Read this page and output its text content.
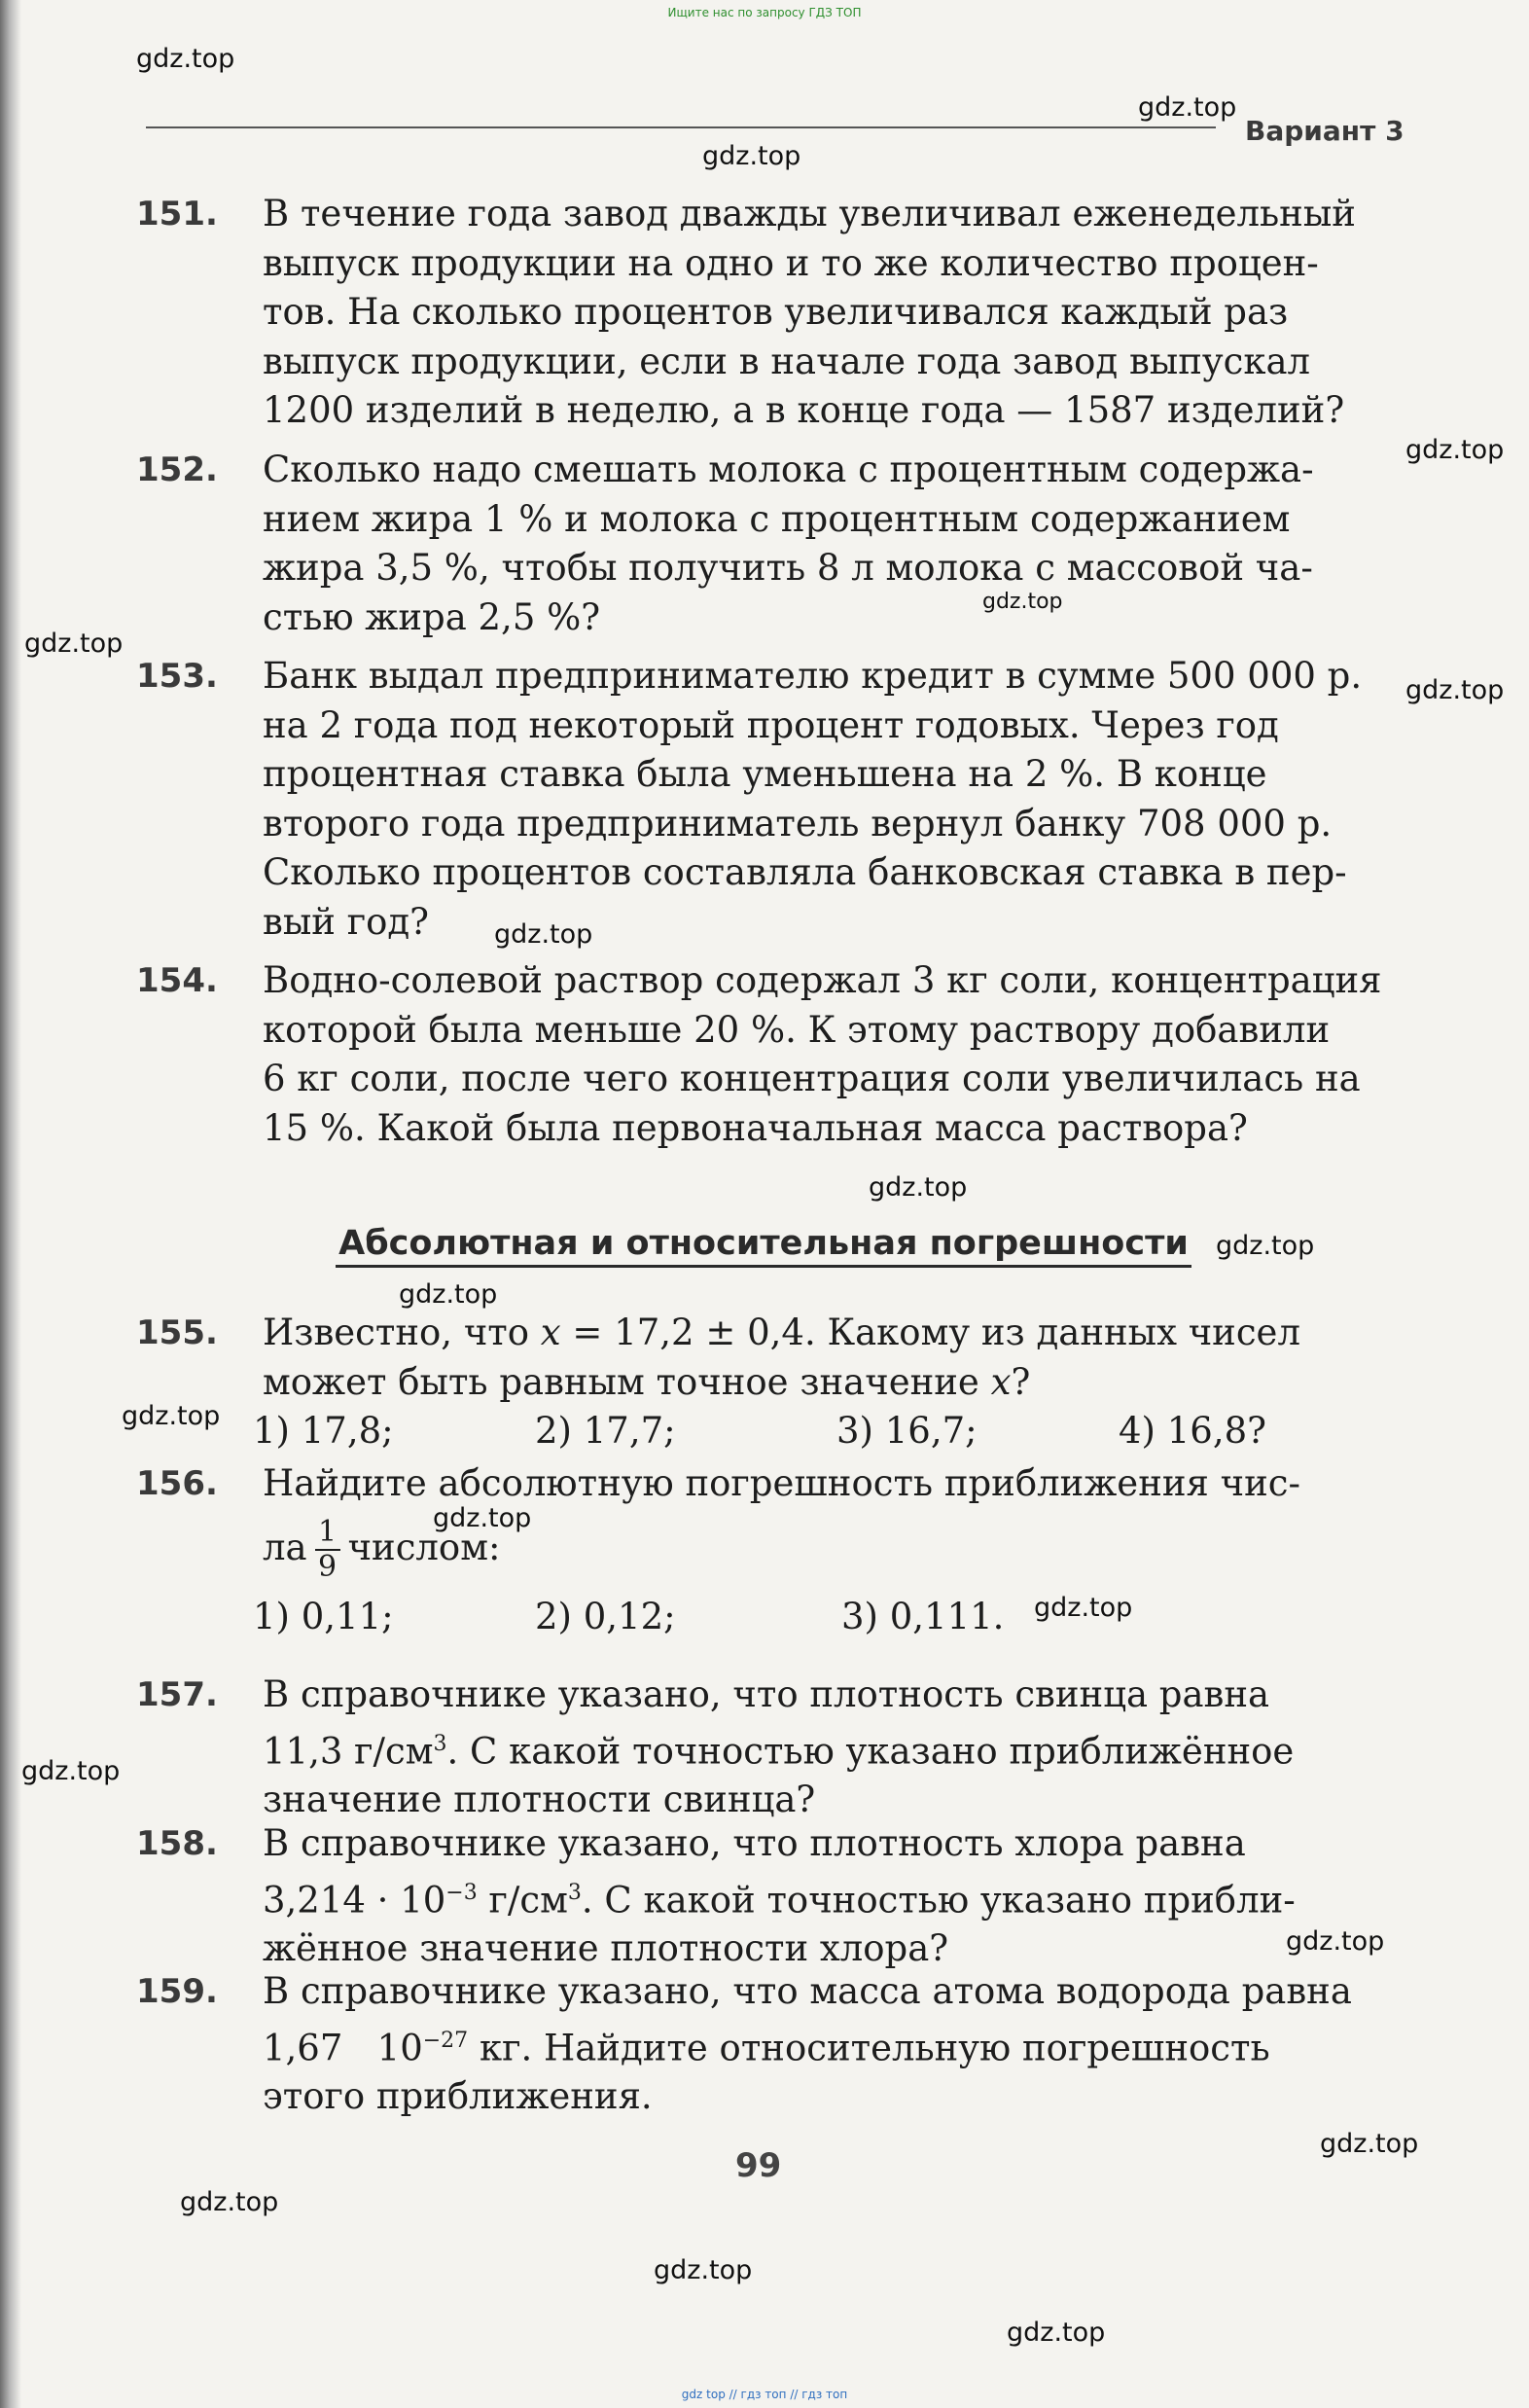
Ищите нас по запросу ГДЗ ТОП
gdz.top
gdz.top
gdz.top
Вариант 3
151.	В течение года завод дважды увеличивал еженедельный

выпуск продукции на одно и то же количество процен-

тов. На сколько процентов увеличивался каждый раз

выпуск продукции, если в начале года завод выпускал

1200 изделий в неделю, а в конце года — 1587 изделий?

gdz.top
152.	Сколько надо смешать молока с процентным содержа-

нием жира 1 % и молока с процентным содержанием

жира 3,5 %, чтобы получить 8 л молока с массовой ча-

стью жира 2,5 %?	gdz.top
gdz.top
gdz.top
153.	Банк выдал предпринимателю кредит в сумме 500 000 р.

на 2 года под некоторый процент годовых. Через год

процентная ставка была уменьшена на 2 %. В конце

второго года предприниматель вернул банку 708 000 р.

Сколько процентов составляла банковская ставка в пер-

вый год?	gdz.top
154.	Водно-солевой раствор содержал 3 кг соли, концентрация

которой была меньше 20 %. К этому раствору добавили

6 кг соли, после чего концентрация соли увеличилась на

15 %. Какой была первоначальная масса раствора?

gdz.top
Абсолютная и относительная погрешности gdz.top
gdz.top
155.	Известно, что x = 17,2 ± 0,4. Какому из данных чисел

может быть равным точное значение x?

1) 17,8;	2) 17,7;	3) 16,7;	4) 16,8?
gdz.top
156.	Найдите абсолютную погрешность приближения чис-

ла $\frac{1}{9}$ числом:

1) 0,11;	2) 0,12;	3) 0,111.
gdz.top
gdz.top
157.	В справочнике указано, что плотность свинца равна

11,3 $г/см^3$. С какой точностью указано приближённое

значение плотности свинца?

gdz.top
158.	В справочнике указано, что плотность хлора равна

$3,214 \cdot 10^{-3}$ $г/см^3$. С какой точностью указано прибли-

жённое значение плотности хлора?	gdz.top
159.	В справочнике указано, что масса атома водорода равна

1,67   $10^{-27}$ кг. Найдите относительную погрешность

этого приближения.

gdz.top
99
gdz.top
gdz.top
gdz.top
gdz top // гдз топ // гдз топ
